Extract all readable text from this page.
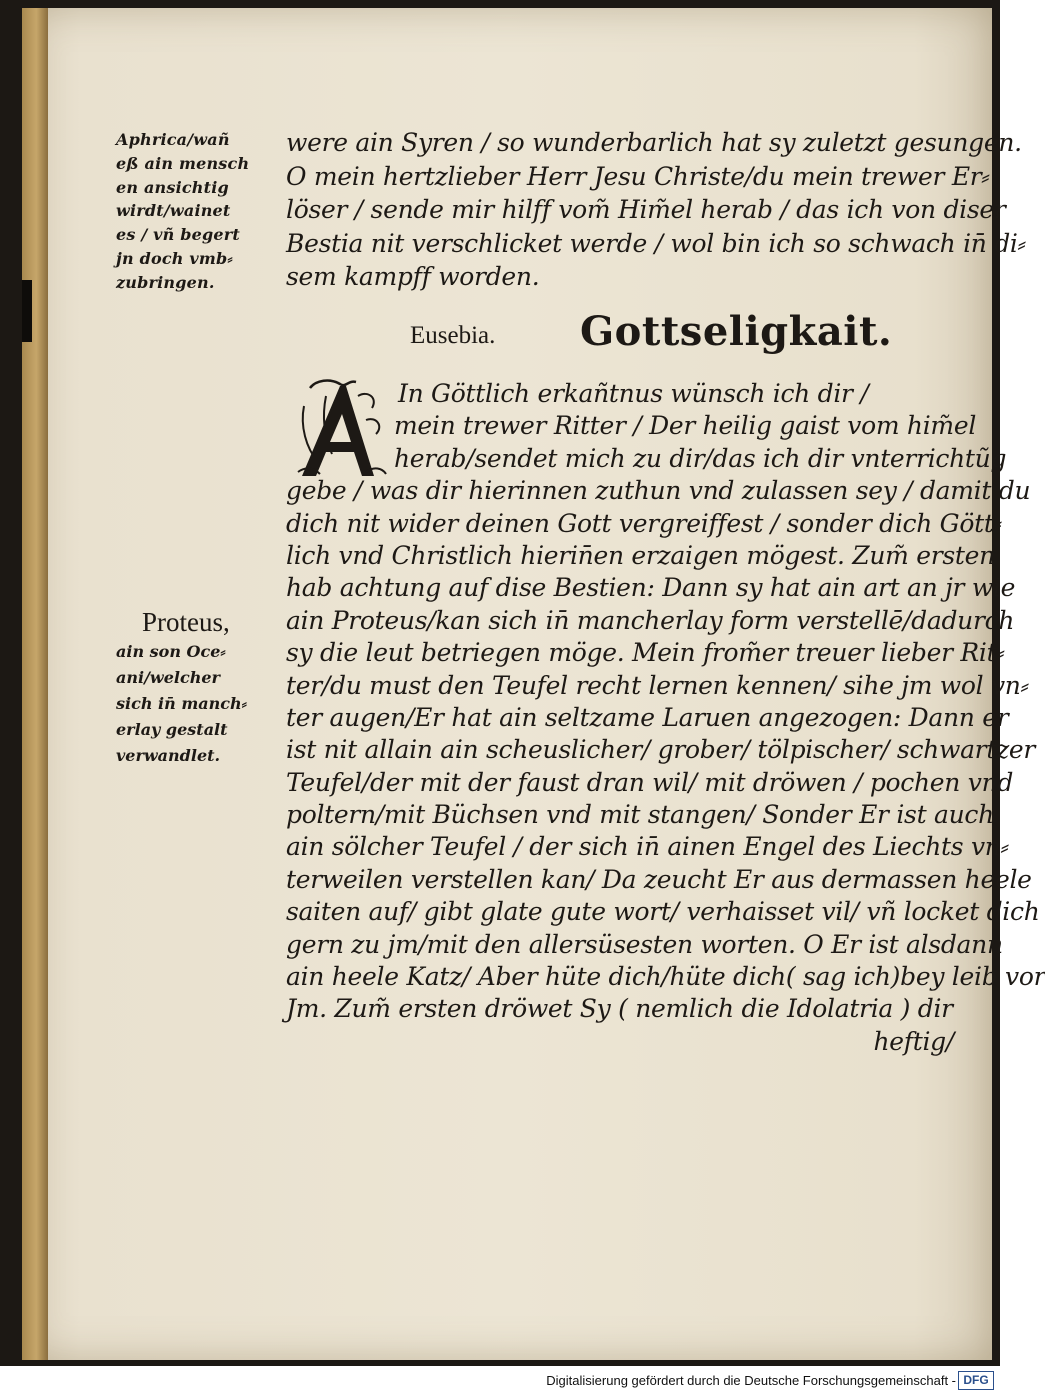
Aphrica/wañ
eß ain mensch
en ansichtig
wirdt/wainet
es / vñ begert
jn doch vmb⸗
zubringen.
were ain Syren / so wunderbarlich hat sy zuletzt gesungen.
O mein hertzlieber Herr Jesu Christe/du mein trewer Er⸗
löser / sende mir hilff vom̃ Him̃el herab / das ich von diser
Bestia nit verschlicket werde / wol bin ich so schwach in̄ di⸗
sem kampff worden.
Eusebia. Gottseligkait.
In Göttlich erkañtnus wünsch ich dir /
mein trewer Ritter / Der heilig gaist vom him̃el
herab/sendet mich zu dir/das ich dir vnterrichtũg
gebe / was dir hierinnen zuthun vnd zulassen sey / damit du
dich nit wider deinen Gott vergreiffest / sonder dich Gött⸗
lich vnd Christlich hierin̄en erzaigen mögest. Zum̃ ersten
hab achtung auf dise Bestien: Dann sy hat ain art an jr wie
ain Proteus/kan sich in̄ mancherlay form verstellē/dadurch
sy die leut betriegen möge. Mein from̃er treuer lieber Rit⸗
ter/du must den Teufel recht lernen kennen/ sihe jm wol vn⸗
ter augen/Er hat ain seltzame Laruen angezogen: Dann er
ist nit allain ain scheuslicher/ grober/ tölpischer/ schwartzer
Teufel/der mit der faust dran wil/ mit dröwen / pochen vnd
poltern/mit Büchsen vnd mit stangen/ Sonder Er ist auch
ain sölcher Teufel / der sich in̄ ainen Engel des Liechts vn⸗
terweilen verstellen kan/ Da zeucht Er aus dermassen heele
saiten auf/ gibt glate gute wort/ verhaisset vil/ vñ locket dich
gern zu jm/mit den allersüsesten worten. O Er ist alsdann
ain heele Katz/ Aber hüte dich/hüte dich( sag ich)bey leib vor
Jm. Zum̃ ersten dröwet Sy ( nemlich die Idolatria ) dir
heftig/
Proteus,
ain son Oce⸗
ani/welcher
sich in̄ manch⸗
erlay gestalt
verwandlet.
Digitalisierung gefördert durch die Deutsche Forschungsgemeinschaft - DFG
